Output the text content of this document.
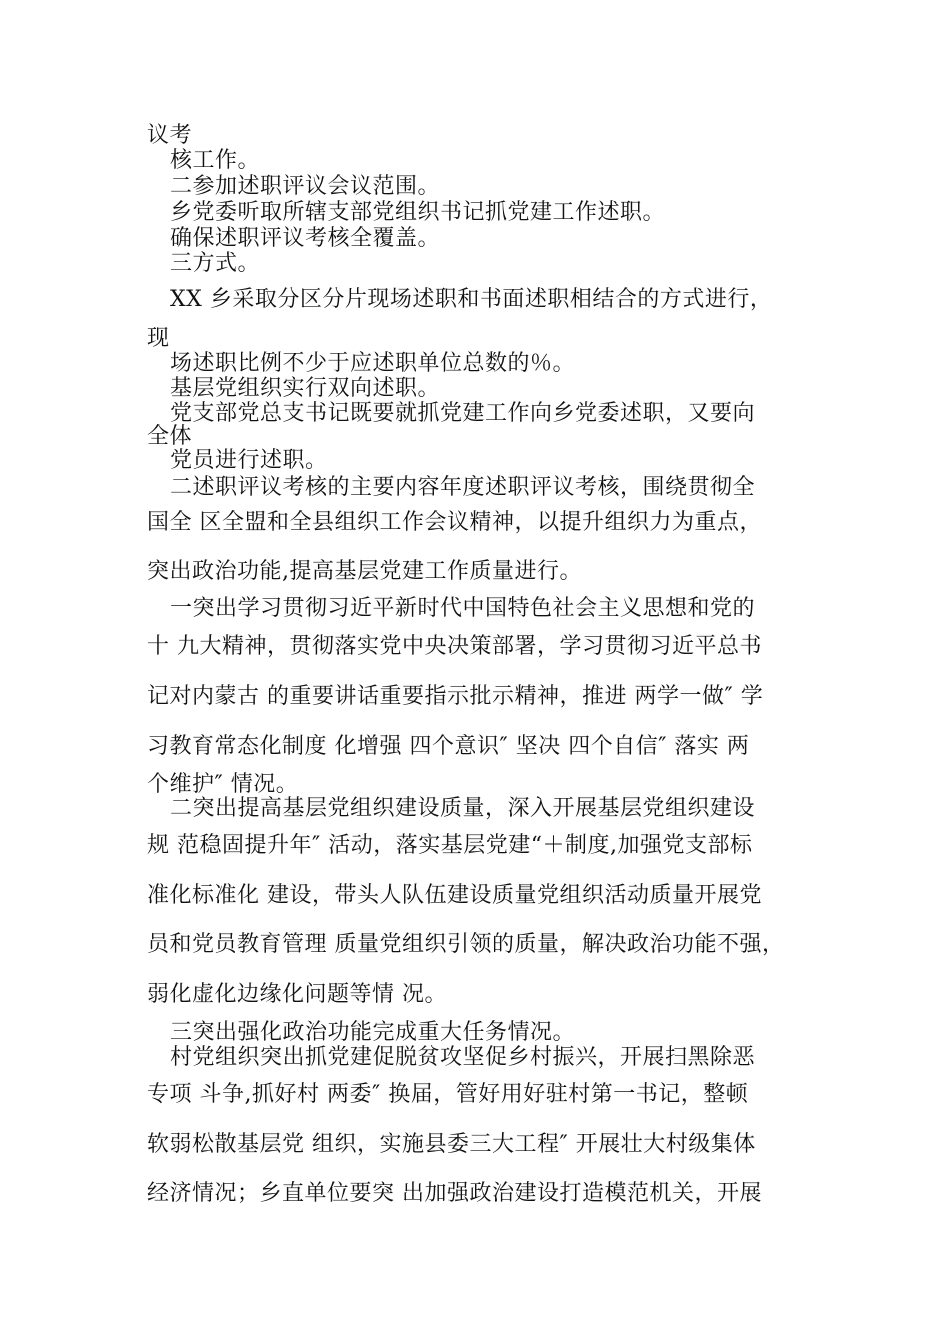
议考
核工作。
二参加述职评议会议范围。
乡党委听取所辖支部党组织书记抓党建工作述职。
确保述职评议考核全覆盖。
三方式。
XX 乡采取分区分片现场述职和书面述职相结合的方式进行，
现
场述职比例不少于应述职单位总数的％。
基层党组织实行双向述职。
党支部党总支书记既要就抓党建工作向乡党委述职，又要向
全体
党员进行述职。
二述职评议考核的主要内容年度述职评议考核，围绕贯彻全
国全 区全盟和全县组织工作会议精神，以提升组织力为重点，
突出政治功能,提高基层党建工作质量进行。
一突出学习贯彻习近平新时代中国特色社会主义思想和党的
十 九大精神，贯彻落实党中央决策部署，学习贯彻习近平总书
记对内蒙古 的重要讲话重要指示批示精神，推进 两学一做″ 学
习教育常态化制度 化增强 四个意识″ 坚决 四个自信″ 落实 两
个维护″ 情况。
二突出提高基层党组织建设质量，深入开展基层党组织建设
规 范稳固提升年″ 活动，落实基层党建“＋制度,加强党支部标
准化标准化 建设，带头人队伍建设质量党组织活动质量开展党
员和党员教育管理 质量党组织引领的质量，解决政治功能不强，
弱化虚化边缘化问题等情 况。
三突出强化政治功能完成重大任务情况。
村党组织突出抓党建促脱贫攻坚促乡村振兴，开展扫黑除恶
专项 斗争,抓好村 两委″ 换届，管好用好驻村第一书记，整顿
软弱松散基层党 组织，实施县委三大工程″ 开展壮大村级集体
经济情况；乡直单位要突 出加强政治建设打造模范机关，开展
